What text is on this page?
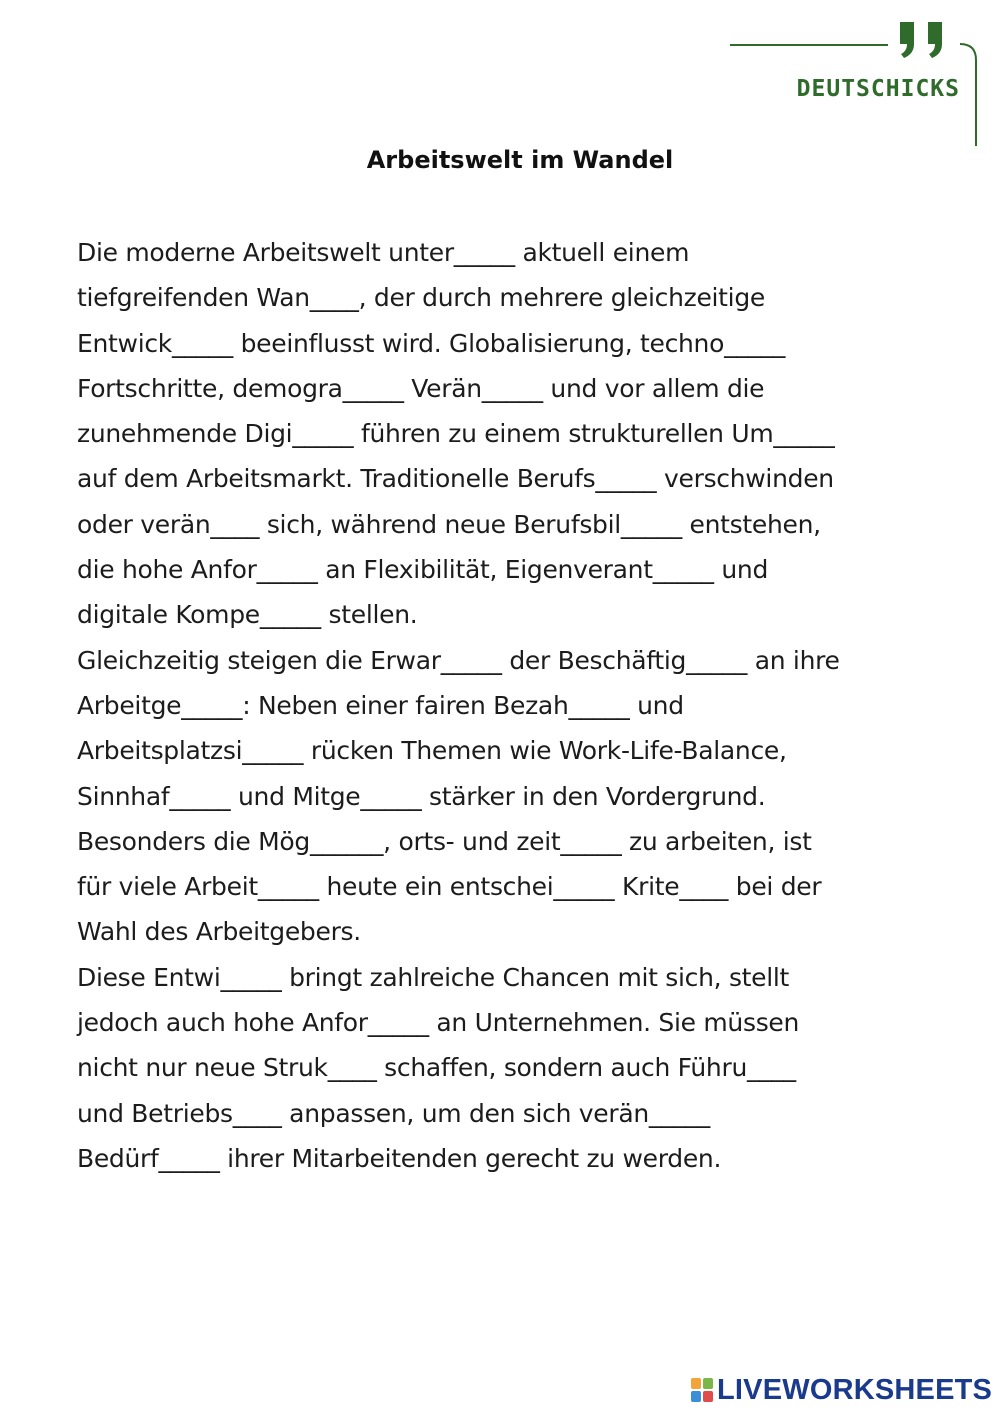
DEUTSCHICKS
Arbeitswelt im Wandel
Die moderne Arbeitswelt unter_____ aktuell einem
tiefgreifenden Wan____, der durch mehrere gleichzeitige
Entwick_____ beeinflusst wird. Globalisierung, techno_____
Fortschritte, demogra_____ Verän_____ und vor allem die
zunehmende Digi_____ führen zu einem strukturellen Um_____
auf dem Arbeitsmarkt. Traditionelle Berufs_____ verschwinden
oder verän____ sich, während neue Berufsbil_____ entstehen,
die hohe Anfor_____ an Flexibilität, Eigenverant_____ und
digitale Kompe_____ stellen.
Gleichzeitig steigen die Erwar_____ der Beschäftig_____ an ihre
Arbeitge_____: Neben einer fairen Bezah_____ und
Arbeitsplatzsi_____ rücken Themen wie Work-Life-Balance,
Sinnhaf_____ und Mitge_____ stärker in den Vordergrund.
Besonders die Mög______, orts- und zeit_____ zu arbeiten, ist
für viele Arbeit_____ heute ein entschei_____ Krite____ bei der
Wahl des Arbeitgebers.
Diese Entwi_____ bringt zahlreiche Chancen mit sich, stellt
jedoch auch hohe Anfor_____ an Unternehmen. Sie müssen
nicht nur neue Struk____ schaffen, sondern auch Führu____
und Betriebs____ anpassen, um den sich verän_____
Bedürf_____ ihrer Mitarbeitenden gerecht zu werden.
LIVEWORKSHEETS
